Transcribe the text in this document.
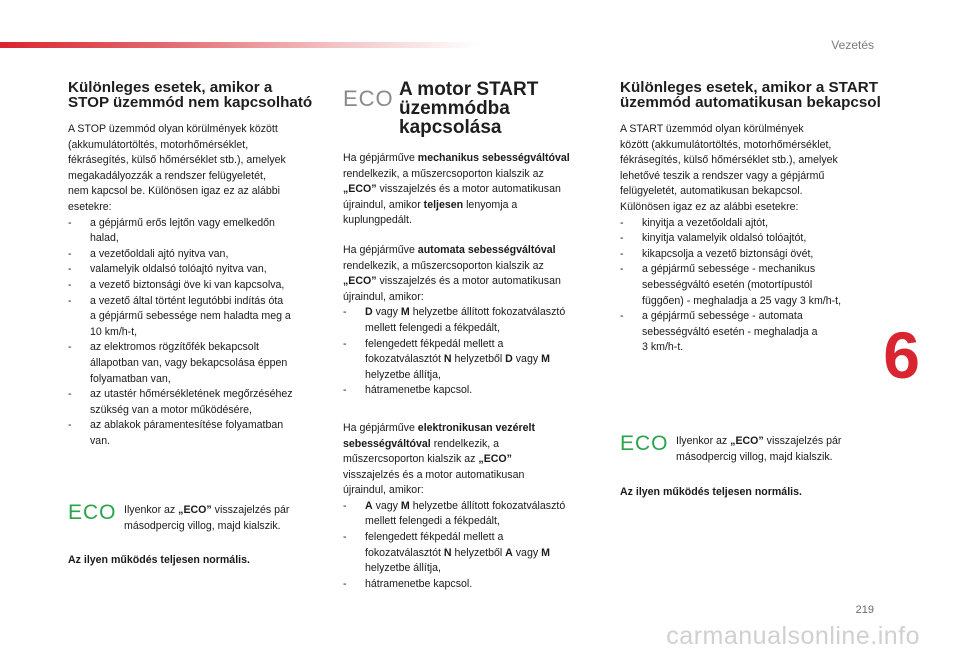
Vezetés
Különleges esetek, amikor a
STOP üzemmód nem kapcsolható

A STOP üzemmód olyan körülmények között
(akkumulátortöltés, motorhőmérséklet,
fékrásegítés, külső hőmérséklet stb.), amelyek
megakadályozzák a rendszer felügyeletét,
nem kapcsol be. Különösen igaz ez az alábbi
esetekre:

-	a gépjármű erős lejtőn vagy emelkedőn
halad,
-	a vezetőoldali ajtó nyitva van,
-	valamelyik oldalsó tolóajtó nyitva van,
-	a vezető biztonsági öve ki van kapcsolva,
-	a vezető által történt legutóbbi indítás óta
a gépjármű sebessége nem haladta meg a
10 km/h-t,
-	az elektromos rögzítőfék bekapcsolt
állapotban van, vagy bekapcsolása éppen
folyamatban van,
-	az utastér hőmérsékletének megőrzéséhez
szükség van a motor működésére,
-	az ablakok páramentesítése folyamatban
van.
ECO Ilyenkor az „ECO” visszajelzés pár
másodpercig villog, majd kialszik.

Az ilyen működés teljesen normális.

ECO A motor START
üzemmódba kapcsolása

Ha gépjárműve mechanikus sebességváltóval
rendelkezik, a műszercsoporton kialszik az
„ECO” visszajelzés és a motor automatikusan
újraindul, amikor teljesen lenyomja a
kuplungpedált.

Ha gépjárműve automata sebességváltóval
rendelkezik, a műszercsoporton kialszik az
„ECO” visszajelzés és a motor automatikusan
újraindul, amikor:

-	D vagy M helyzetbe állított fokozatválasztó
mellett felengedi a fékpedált,
-	felengedett fékpedál mellett a
fokozatválasztót N helyzetből D vagy M
helyzetbe állítja,
-	hátramenetbe kapcsol.

Ha gépjárműve elektronikusan vezérelt
sebességváltóval rendelkezik, a
műszercsoporton kialszik az „ECO”
visszajelzés és a motor automatikusan
újraindul, amikor:

-	A vagy M helyzetbe állított fokozatválasztó
mellett felengedi a fékpedált,
-	felengedett fékpedál mellett a
fokozatválasztót N helyzetből A vagy M
helyzetbe állítja,
-	hátramenetbe kapcsol.
Különleges esetek, amikor a START
üzemmód automatikusan bekapcsol

A START üzemmód olyan körülmények
között (akkumulátortöltés, motorhőmérséklet,
fékrásegítés, külső hőmérséklet stb.), amelyek
lehetővé teszik a rendszer vagy a gépjármű
felügyeletét, automatikusan bekapcsol.
Különösen igaz ez az alábbi esetekre:

-	kinyitja a vezetőoldali ajtót,
-	kinyitja valamelyik oldalsó tolóajtót,
-	kikapcsolja a vezető biztonsági övét,
-	a gépjármű sebessége - mechanikus
sebességváltó esetén (motortípustól
függően) - meghaladja a 25 vagy 3 km/h-t,
-	a gépjármű sebessége - automata
sebességváltó esetén - meghaladja a
3 km/h-t.
ECO Ilyenkor az „ECO” visszajelzés pár
másodpercig villog, majd kialszik.

Az ilyen működés teljesen normális.

6
219
carmanualsonline.info
